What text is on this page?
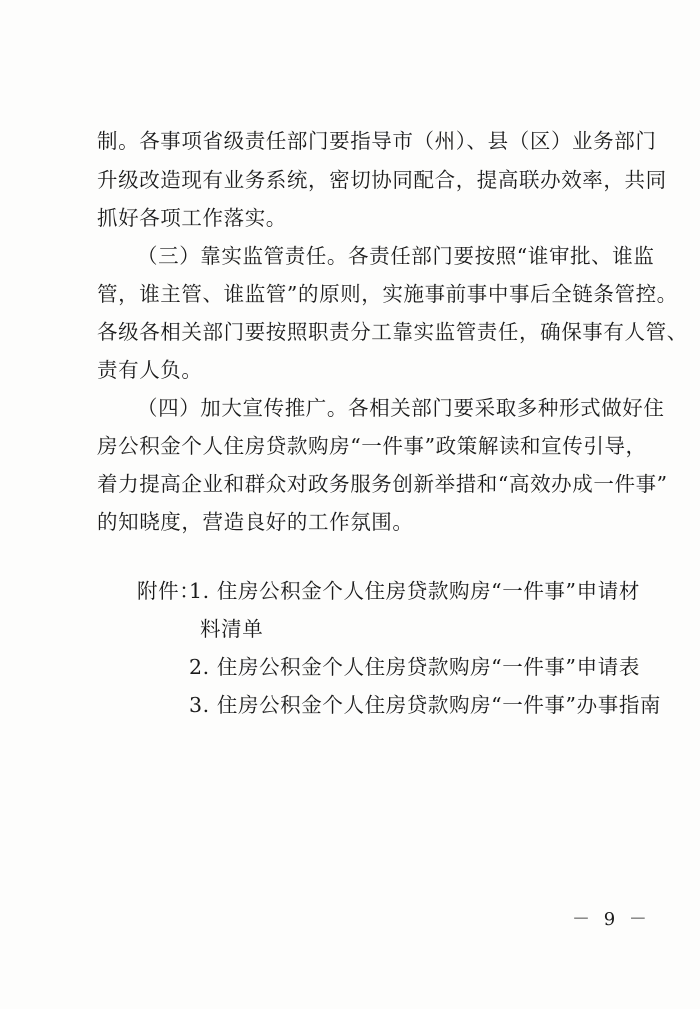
制。各事项省级责任部门要指导市（州）、县（区）业务部门
升级改造现有业务系统，密切协同配合，提高联办效率，共同
抓好各项工作落实。
（三）靠实监管责任。各责任部门要按照“谁审批、谁监
管，谁主管、谁监管”的原则，实施事前事中事后全链条管控。
各级各相关部门要按照职责分工靠实监管责任，确保事有人管、
责有人负。
（四）加大宣传推广。各相关部门要采取多种形式做好住
房公积金个人住房贷款购房“一件事”政策解读和宣传引导，
着力提高企业和群众对政务服务创新举措和“高效办成一件事”
的知晓度，营造良好的工作氛围。
附件：
1. 住房公积金个人住房贷款购房“一件事”申请材
料清单
2. 住房公积金个人住房贷款购房“一件事”申请表
3. 住房公积金个人住房贷款购房“一件事”办事指南
－ 9 －
